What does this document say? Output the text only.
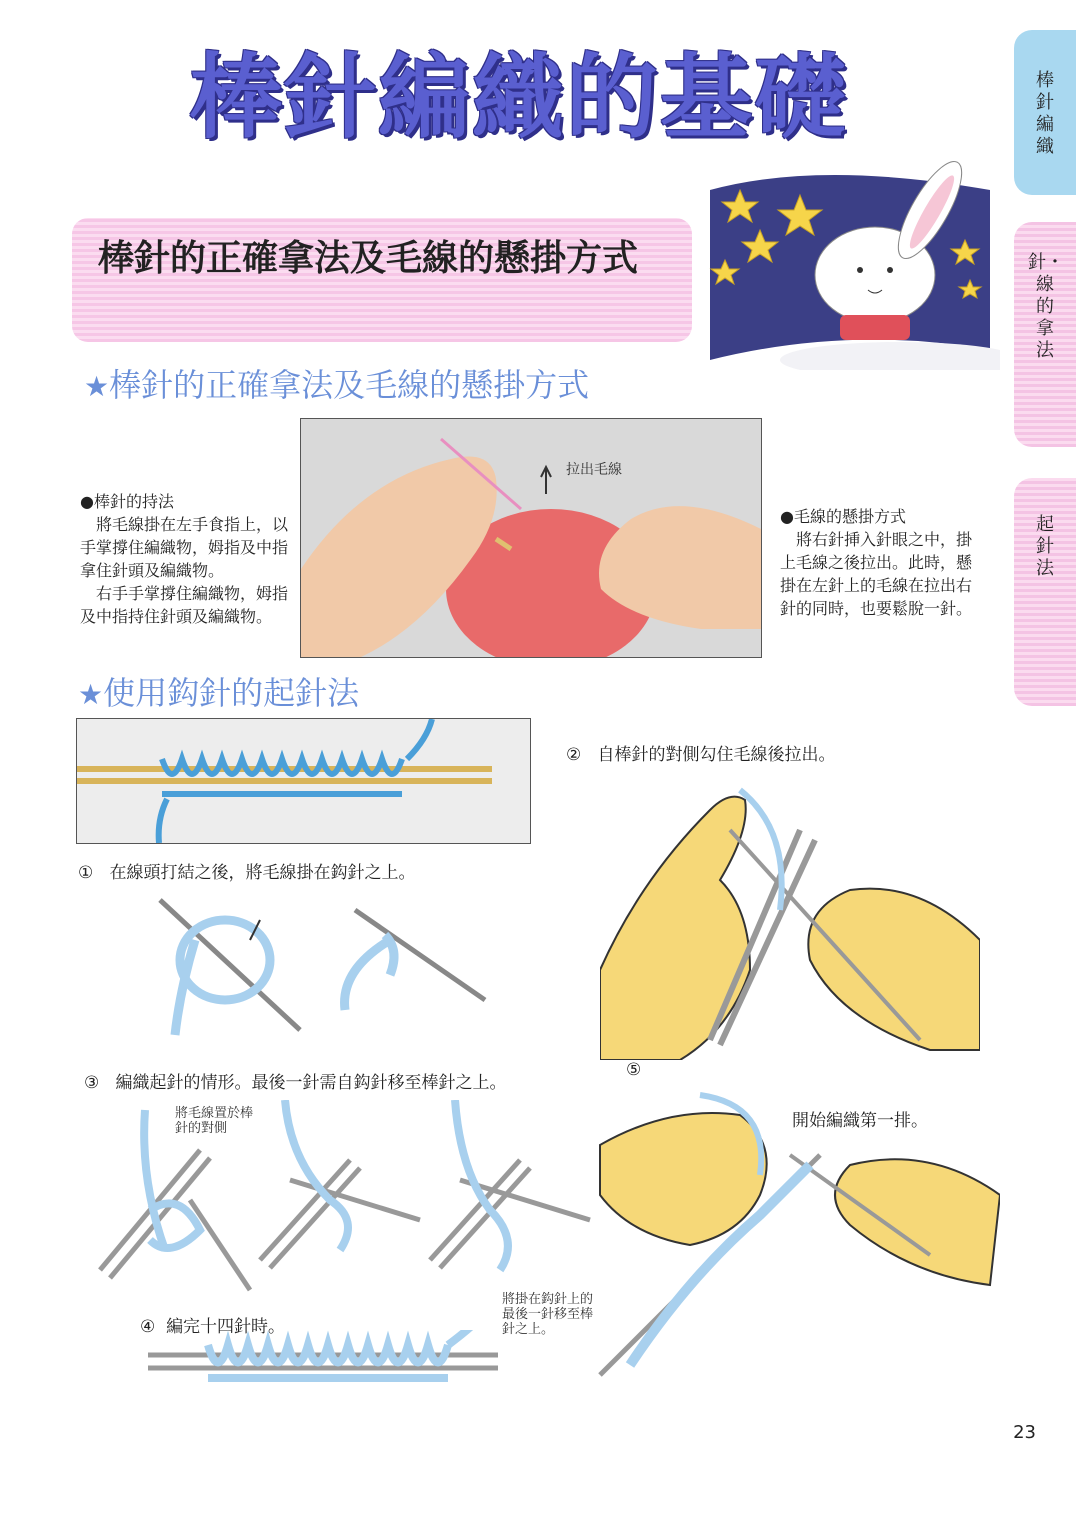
棒針編織
針・線的拿法
起針法
棒針編織的基礎
棒針的正確拿法及毛線的懸掛方式
★棒針的正確拿法及毛線的懸掛方式
拉出毛線
●棒針的持法
將毛線掛在左手食指上，以手掌撐住編織物，姆指及中指拿住針頭及編織物。
右手手掌撐住編織物，姆指及中指持住針頭及編織物。
●毛線的懸掛方式
將右針挿入針眼之中，掛上毛線之後拉出。此時，懸掛在左針上的毛線在拉出右針的同時，也要鬆脫一針。
★使用鈎針的起針法
① 在線頭打結之後，將毛線掛在鈎針之上。
② 自棒針的對側勾住毛線後拉出。
③ 編織起針的情形。最後一針需自鈎針移至棒針之上。
將毛線置於棒針的對側
④ 編完十四針時。
將掛在鈎針上的最後一針移至棒針之上。
⑤
開始編織第一排。
23
